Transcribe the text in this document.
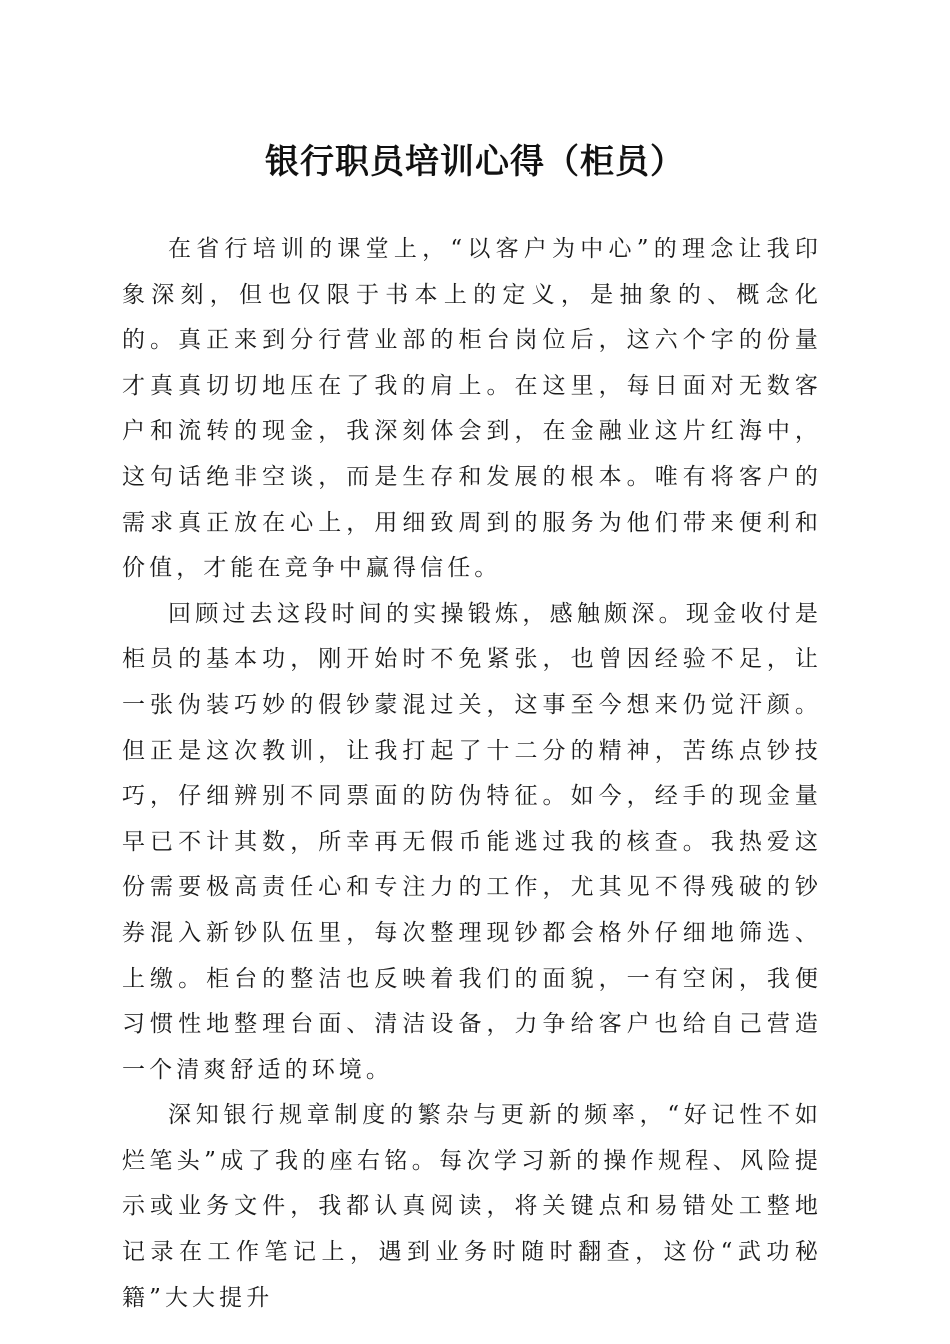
银行职员培训心得（柜员）

在省行培训的课堂上，“以客户为中心”的理念让我印象深刻，但也仅限于书本上的定义，是抽象的、概念化的。真正来到分行营业部的柜台岗位后，这六个字的份量才真真切切地压在了我的肩上。在这里，每日面对无数客户和流转的现金，我深刻体会到，在金融业这片红海中，这句话绝非空谈，而是生存和发展的根本。唯有将客户的需求真正放在心上，用细致周到的服务为他们带来便利和价值，才能在竞争中赢得信任。

回顾过去这段时间的实操锻炼，感触颇深。现金收付是柜员的基本功，刚开始时不免紧张，也曾因经验不足，让一张伪装巧妙的假钞蒙混过关，这事至今想来仍觉汗颜。但正是这次教训，让我打起了十二分的精神，苦练点钞技巧，仔细辨别不同票面的防伪特征。如今，经手的现金量早已不计其数，所幸再无假币能逃过我的核查。我热爱这份需要极高责任心和专注力的工作，尤其见不得残破的钞券混入新钞队伍里，每次整理现钞都会格外仔细地筛选、上缴。柜台的整洁也反映着我们的面貌，一有空闲，我便习惯性地整理台面、清洁设备，力争给客户也给自己营造一个清爽舒适的环境。

深知银行规章制度的繁杂与更新的频率，“好记性不如烂笔头”成了我的座右铭。每次学习新的操作规程、风险提示或业务文件，我都认真阅读，将关键点和易错处工整地记录在工作笔记上，遇到业务时随时翻查，这份“武功秘籍”大大提升
